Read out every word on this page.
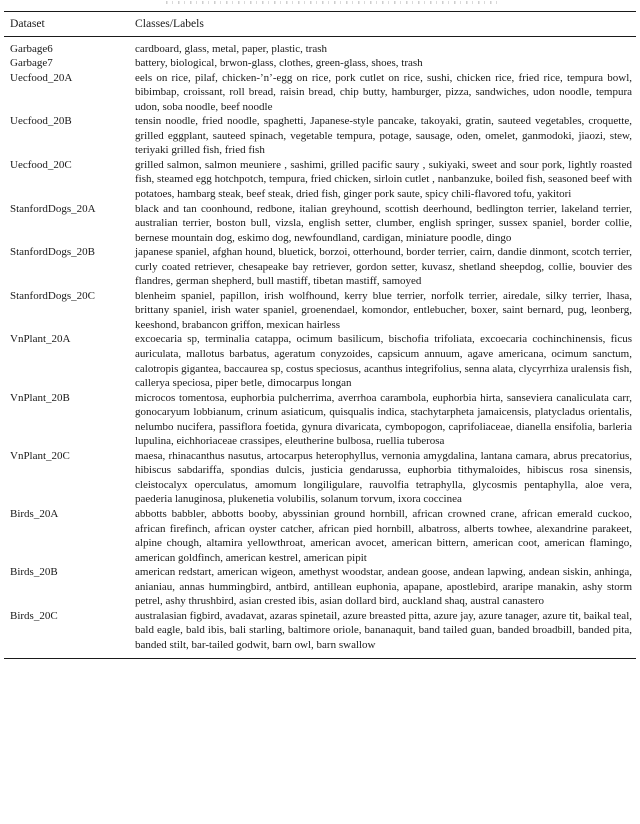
Dataset	Classes/Labels
Garbage6	cardboard, glass, metal, paper, plastic, trash
Garbage7	battery, biological, brwon-glass, clothes, green-glass, shoes, trash
Uecfood_20A	eels on rice, pilaf, chicken-’n’-egg on rice, pork cutlet on rice, sushi, chicken rice, fried rice, tempura bowl, bibimbap, croissant, roll bread, raisin bread, chip butty, hamburger, pizza, sandwiches, udon noodle, tempura udon, soba noodle, beef noodle
Uecfood_20B	tensin noodle, fried noodle, spaghetti, Japanese-style pancake, takoyaki, gratin, sauteed vegetables, croquette, grilled eggplant, sauteed spinach, vegetable tempura, potage, sausage, oden, omelet, ganmodoki, jiaozi, stew, teriyaki grilled fish, fried fish
Uecfood_20C	grilled salmon, salmon meuniere , sashimi, grilled pacific saury , sukiyaki, sweet and sour pork, lightly roasted fish, steamed egg hotchpotch, tempura, fried chicken, sirloin cutlet , nanbanzuke, boiled fish, seasoned beef with potatoes, hambarg steak, beef steak, dried fish, ginger pork saute, spicy chili-flavored tofu, yakitori
StanfordDogs_20A	black and tan coonhound, redbone, italian greyhound, scottish deerhound, bedlington terrier, lakeland terrier, australian terrier, boston bull, vizsla, english setter, clumber, english springer, sussex spaniel, border collie, bernese mountain dog, eskimo dog, newfoundland, cardigan, miniature poodle, dingo
StanfordDogs_20B	japanese spaniel, afghan hound, bluetick, borzoi, otterhound, border terrier, cairn, dandie dinmont, scotch terrier, curly coated retriever, chesapeake bay retriever, gordon setter, kuvasz, shetland sheepdog, collie, bouvier des flandres, german shepherd, bull mastiff, tibetan mastiff, samoyed
StanfordDogs_20C	blenheim spaniel, papillon, irish wolfhound, kerry blue terrier, norfolk terrier, airedale, silky terrier, lhasa, brittany spaniel, irish water spaniel, groenendael, komondor, entlebucher, boxer, saint bernard, pug, leonberg, keeshond, brabancon griffon, mexican hairless
VnPlant_20A	excoecaria sp, terminalia catappa, ocimum basilicum, bischofia trifoliata, excoecaria cochinchinensis, ficus auriculata, mallotus barbatus, ageratum conyzoides, capsicum annuum, agave americana, ocimum sanctum, calotropis gigantea, baccaurea sp, costus speciosus, acanthus integrifolius, senna alata, clycyrrhiza uralensis fish, callerya speciosa, piper betle, dimocarpus longan
VnPlant_20B	microcos tomentosa, euphorbia pulcherrima, averrhoa carambola, euphorbia hirta, sanseviera canaliculata carr, gonocaryum lobbianum, crinum asiaticum, quisqualis indica, stachytarpheta jamaicensis, platycladus orientalis, nelumbo nucifera, passiflora foetida, gynura divaricata, cymbopogon, caprifoliaceae, dianella ensifolia, barleria lupulina, eichhoriaceae crassipes, eleutherine bulbosa, ruellia tuberosa
VnPlant_20C	maesa, rhinacanthus nasutus, artocarpus heterophyllus, vernonia amygdalina, lantana camara, abrus precatorius, hibiscus sabdariffa, spondias dulcis, justicia gendarussa, euphorbia tithymaloides, hibiscus rosa sinensis, cleistocalyx operculatus, amomum longiligulare, rauvolfia tetraphylla, glycosmis pentaphylla, aloe vera, paederia lanuginosa, plukenetia volubilis, solanum torvum, ixora coccinea
Birds_20A	abbotts babbler, abbotts booby, abyssinian ground hornbill, african crowned crane, african emerald cuckoo, african firefinch, african oyster catcher, african pied hornbill, albatross, alberts towhee, alexandrine parakeet, alpine chough, altamira yellowthroat, american avocet, american bittern, american coot, american flamingo, american goldfinch, american kestrel, american pipit
Birds_20B	american redstart, american wigeon, amethyst woodstar, andean goose, andean lapwing, andean siskin, anhinga, anianiau, annas hummingbird, antbird, antillean euphonia, apapane, apostlebird, araripe manakin, ashy storm petrel, ashy thrushbird, asian crested ibis, asian dollard bird, auckland shaq, austral canastero
Birds_20C	australasian figbird, avadavat, azaras spinetail, azure breasted pitta, azure jay, azure tanager, azure tit, baikal teal, bald eagle, bald ibis, bali starling, baltimore oriole, bananaquit, band tailed guan, banded broadbill, banded pita, banded stilt, bar-tailed godwit, barn owl, barn swallow
